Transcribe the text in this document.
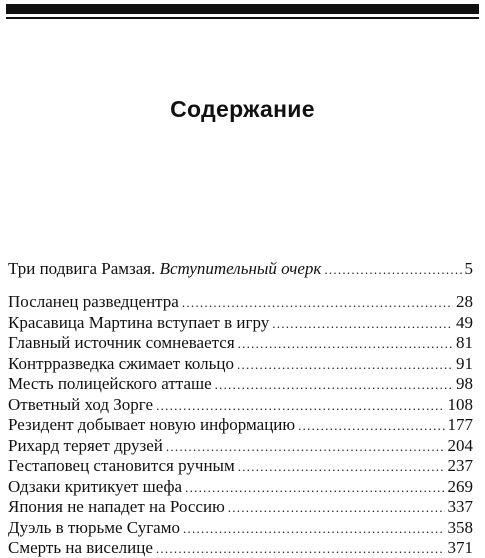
Содержание
Три подвига Рамзая. Вступительный очерк . . .	5
Посланец разведцентра . . .	28
Красавица Мартина вступает в игру . . .	49
Главный источник сомневается . . .	81
Контрразведка сжимает кольцо . . .	91
Месть полицейского атташе . . .	98
Ответный ход Зорге . . .	108
Резидент добывает новую информацию . . .	177
Рихард теряет друзей . . .	204
Гестаповец становится ручным . . .	237
Одзаки критикует шефа . . .	269
Япония не нападет на Россию . . .	337
Дуэль в тюрьме Сугамо . . .	358
Смерть на виселице . . .	371
